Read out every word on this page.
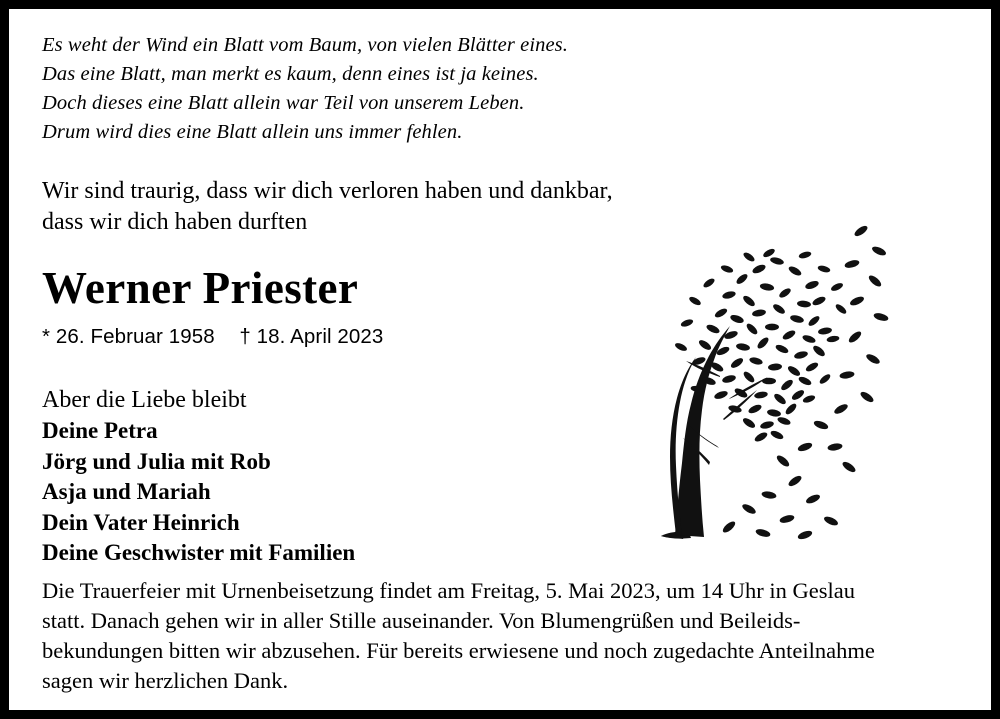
Es weht der Wind ein Blatt vom Baum, von vielen Blätter eines.
Das eine Blatt, man merkt es kaum, denn eines ist ja keines.
Doch dieses eine Blatt allein war Teil von unserem Leben.
Drum wird dies eine Blatt allein uns immer fehlen.
Wir sind traurig, dass wir dich verloren haben und dankbar,
dass wir dich haben durften
Werner Priester
* 26. Februar 1958 † 18. April 2023
Aber die Liebe bleibt
Deine Petra
Jörg und Julia mit Rob
Asja und Mariah
Dein Vater Heinrich
Deine Geschwister mit Familien
Die Trauerfeier mit Urnenbeisetzung findet am Freitag, 5. Mai 2023, um 14 Uhr in Geslau
statt. Danach gehen wir in aller Stille auseinander. Von Blumengrüßen und Beileids-
bekundungen bitten wir abzusehen. Für bereits erwiesene und noch zugedachte Anteilnahme
sagen wir herzlichen Dank.
